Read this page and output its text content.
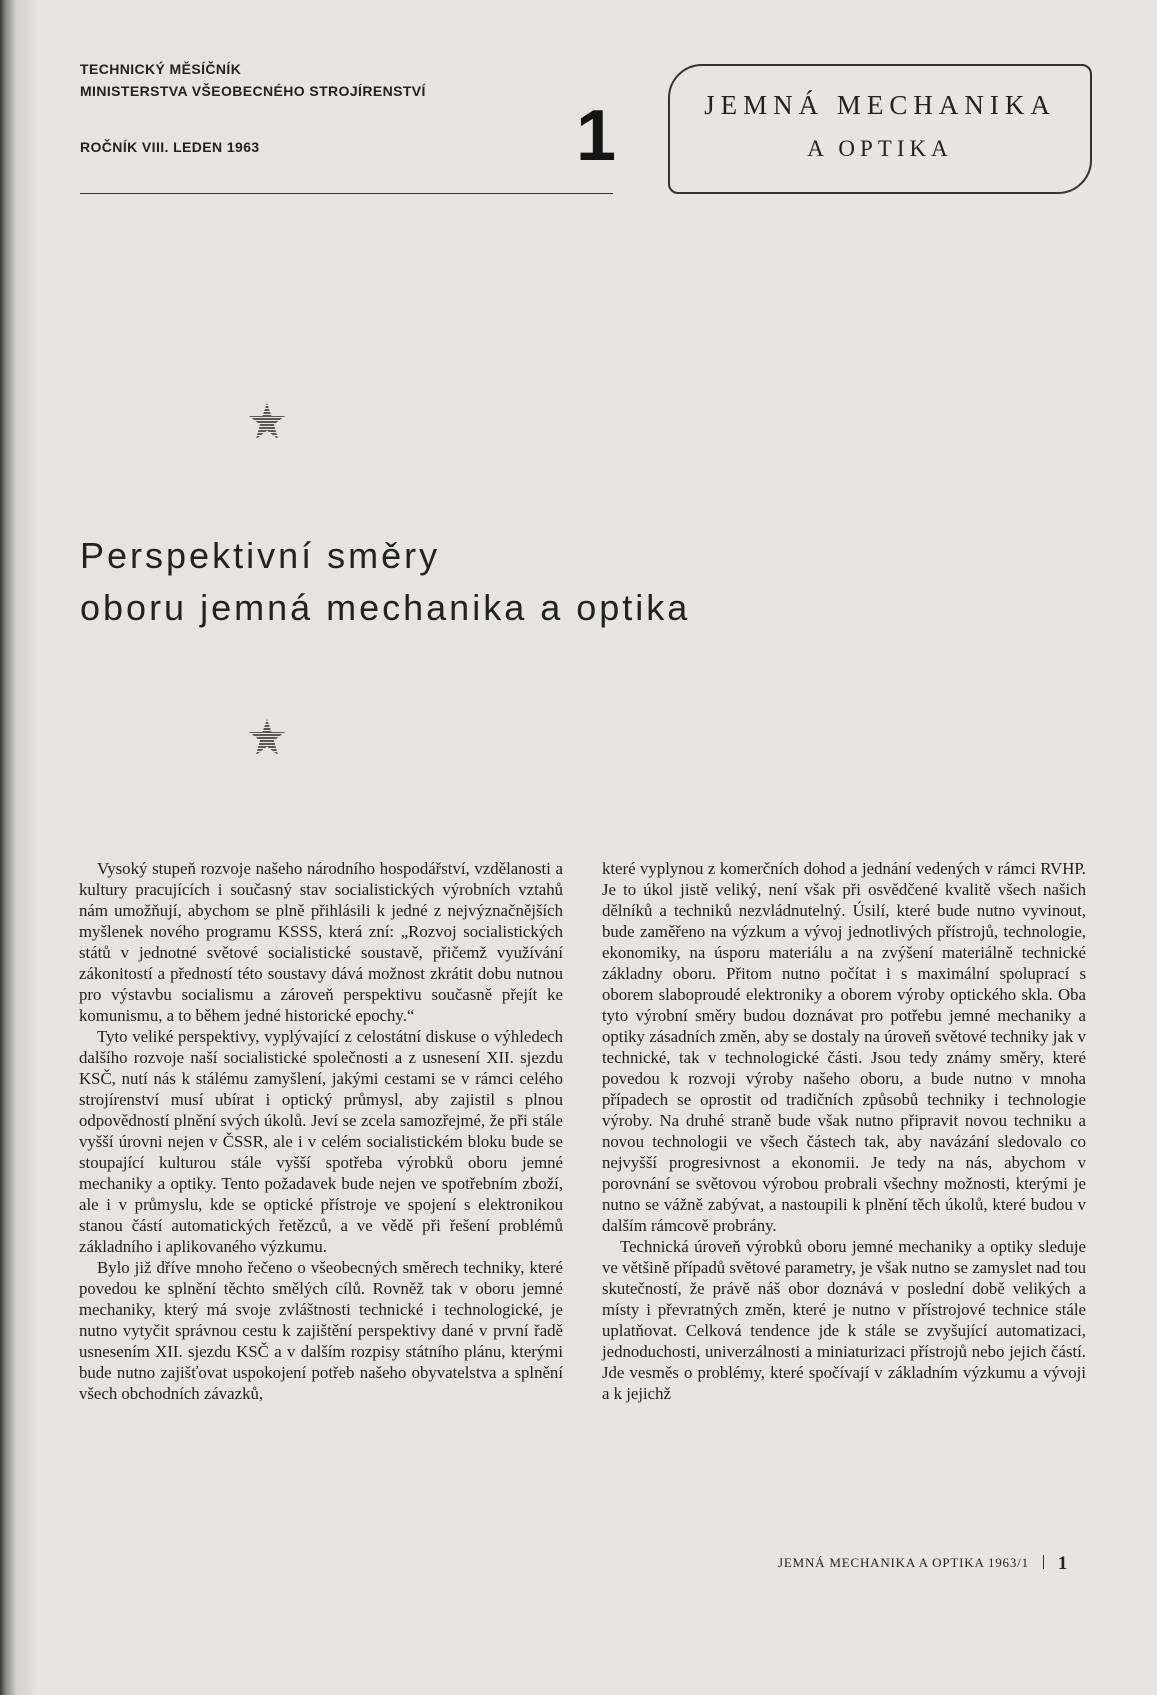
TECHNICKÝ MĚSÍČNÍK
MINISTERSTVA VŠEOBECNÉHO STROJÍRENSTVÍ
ROČNÍK VIII. LEDEN 1963	1	JEMNÁ MECHANIKA
A OPTIKA
Perspektivní směry
oboru jemná mechanika a optika

Vysoký stupeň rozvoje našeho národního hospodářství, vzdělanosti a kultury pracujících i současný stav socialistických výrobních vztahů nám umožňují, abychom se plně přihlásili k jedné z nejvýznačnějších myšlenek nového programu KSSS, která zní: „Rozvoj socialistických států v jednotné světové socialistické soustavě, přičemž využívání zákonitostí a předností této soustavy dává možnost zkrátit dobu nutnou pro výstavbu socialismu a zároveň perspektivu současně přejít ke komunismu, a to během jedné historické epochy.“

Tyto veliké perspektivy, vyplývající z celostátní diskuse o výhledech dalšího rozvoje naší socialistické společnosti a z usnesení XII. sjezdu KSČ, nutí nás k stálému zamyšlení, jakými cestami se v rámci celého strojírenství musí ubírat i optický průmysl, aby zajistil s plnou odpovědností plnění svých úkolů. Jeví se zcela samozřejmé, že při stále vyšší úrovni nejen v ČSSR, ale i v celém socialistickém bloku bude se stoupající kulturou stále vyšší spotřeba výrobků oboru jemné mechaniky a optiky. Tento požadavek bude nejen ve spotřebním zboží, ale i v průmyslu, kde se optické přístroje ve spojení s elektronikou stanou částí automatických řetězců, a ve vědě při řešení problémů základního i aplikovaného výzkumu.

Bylo již dříve mnoho řečeno o všeobecných směrech techniky, které povedou ke splnění těchto smělých cílů. Rovněž tak v oboru jemné mechaniky, který má svoje zvláštnosti technické i technologické, je nutno vytyčit správnou cestu k zajištění perspektivy dané v první řadě usnesením XII. sjezdu KSČ a v dalším rozpisy státního plánu, kterými bude nutno zajišťovat uspokojení potřeb našeho obyvatelstva a splnění všech obchodních závazků,

které vyplynou z komerčních dohod a jednání vedených v rámci RVHP. Je to úkol jistě veliký, není však při osvědčené kvalitě všech našich dělníků a techniků nezvládnutelný. Úsilí, které bude nutno vyvinout, bude zaměřeno na výzkum a vývoj jednotlivých přístrojů, technologie, ekonomiky, na úsporu materiálu a na zvýšení materiálně technické základny oboru. Přitom nutno počítat i s maximální spoluprací s oborem slaboproudé elektroniky a oborem výroby optického skla. Oba tyto výrobní směry budou doznávat pro potřebu jemné mechaniky a optiky zásadních změn, aby se dostaly na úroveň světové techniky jak v technické, tak v technologické části. Jsou tedy známy směry, které povedou k rozvoji výroby našeho oboru, a bude nutno v mnoha případech se oprostit od tradičních způsobů techniky i technologie výroby. Na druhé straně bude však nutno připravit novou techniku a novou technologii ve všech částech tak, aby navázání sledovalo co nejvyšší progresivnost a ekonomii. Je tedy na nás, abychom v porovnání se světovou výrobou probrali všechny možnosti, kterými je nutno se vážně zabývat, a nastoupili k plnění těch úkolů, které budou v dalším rámcově probrány.

Technická úroveň výrobků oboru jemné mechaniky a optiky sleduje ve většině případů světové parametry, je však nutno se zamyslet nad tou skutečností, že právě náš obor doznává v poslední době velikých a místy i převratných změn, které je nutno v přístrojové technice stále uplatňovat. Celková tendence jde k stále se zvyšující automatizaci, jednoduchosti, univerzálnosti a miniaturizaci přístrojů nebo jejich částí. Jde vesměs o problémy, které spočívají v základním výzkumu a vývoji a k jejichž

JEMNÁ MECHANIKA A OPTIKA 1963/1 1
